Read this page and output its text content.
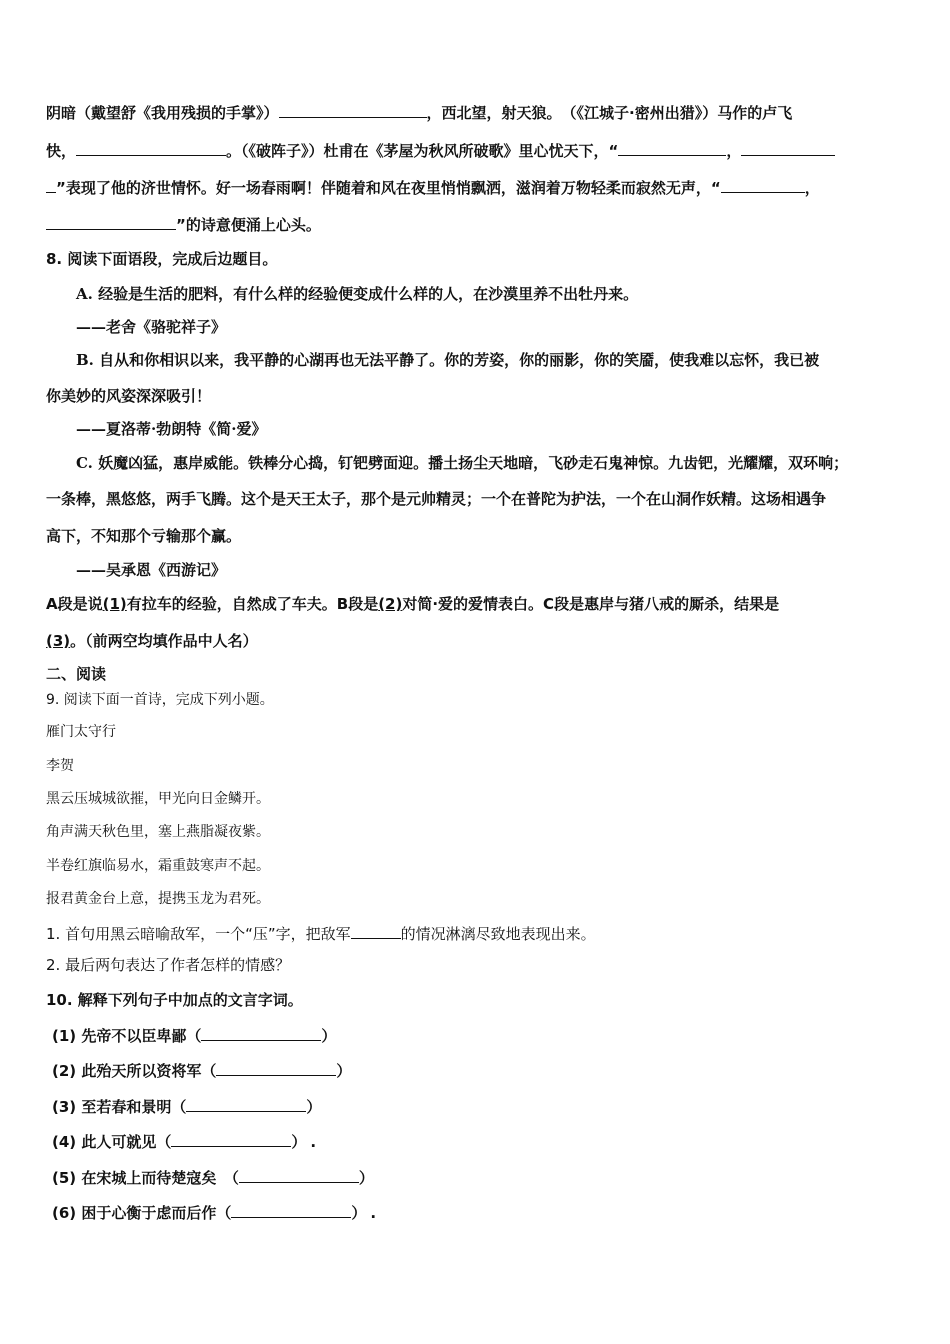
阴暗（戴望舒《我用残损的手掌》）	，西北望，射天狼。　（《江城子·密州出猎》）马作的卢飞
快，	。（《破阵子》）杜甫在《茅屋为秋风所破歌》里心忧天下，“	，
”表现了他的济世情怀。好一场春雨啊！伴随着和风在夜里悄悄飘洒，滋润着万物轻柔而寂然无声，“	，
”的诗意便涌上心头。
8. 阅读下面语段，完成后边题目。
A. 经验是生活的肥料，有什么样的经验便变成什么样的人，在沙漠里养不出牡丹来。
——老舍《骆驼祥子》
B. 自从和你相识以来，我平静的心湖再也无法平静了。你的芳姿，你的丽影，你的笑靥，使我难以忘怀，我已被
你美妙的风姿深深吸引！
——夏洛蒂·勃朗特《简·爱》
C. 妖魔凶猛，惠岸威能。铁棒分心捣，钉钯劈面迎。播土扬尘天地暗，飞砂走石鬼神惊。九齿钯，光耀耀，双环响；
一条棒，黑悠悠，两手飞腾。这个是天王太子，那个是元帅精灵；一个在普陀为护法，一个在山洞作妖精。这场相遇争
高下，不知那个亏输那个赢。
——吴承恩《西游记》
A段是说(1)有拉车的经验，自然成了车夫。B段是(2)对简·爱的爱情表白。C段是惠岸与猪八戒的厮杀，结果是
(3)。（前两空均填作品中人名）
二、阅读
9. 阅读下面一首诗，完成下列小题。
雁门太守行
李贺
黑云压城城欲摧，甲光向日金鳞开。
角声满天秋色里，塞上燕脂凝夜紫。
半卷红旗临易水，霜重鼓寒声不起。
报君黄金台上意，提携玉龙为君死。
1. 首句用黑云暗喻敌军，一个“压”字，把敌军	的情况淋漓尽致地表现出来。
2. 最后两句表达了作者怎样的情感？
10. 解释下列句子中加点的文言字词。
(1) 先帝不以臣卑鄙（	）
(2) 此殆天所以资将军（	）
(3) 至若春和景明（	）
(4) 此人可就见（	） .
(5) 在宋城上而待楚寇矣　（	）
(6) 困于心衡于虑而后作（	） .
